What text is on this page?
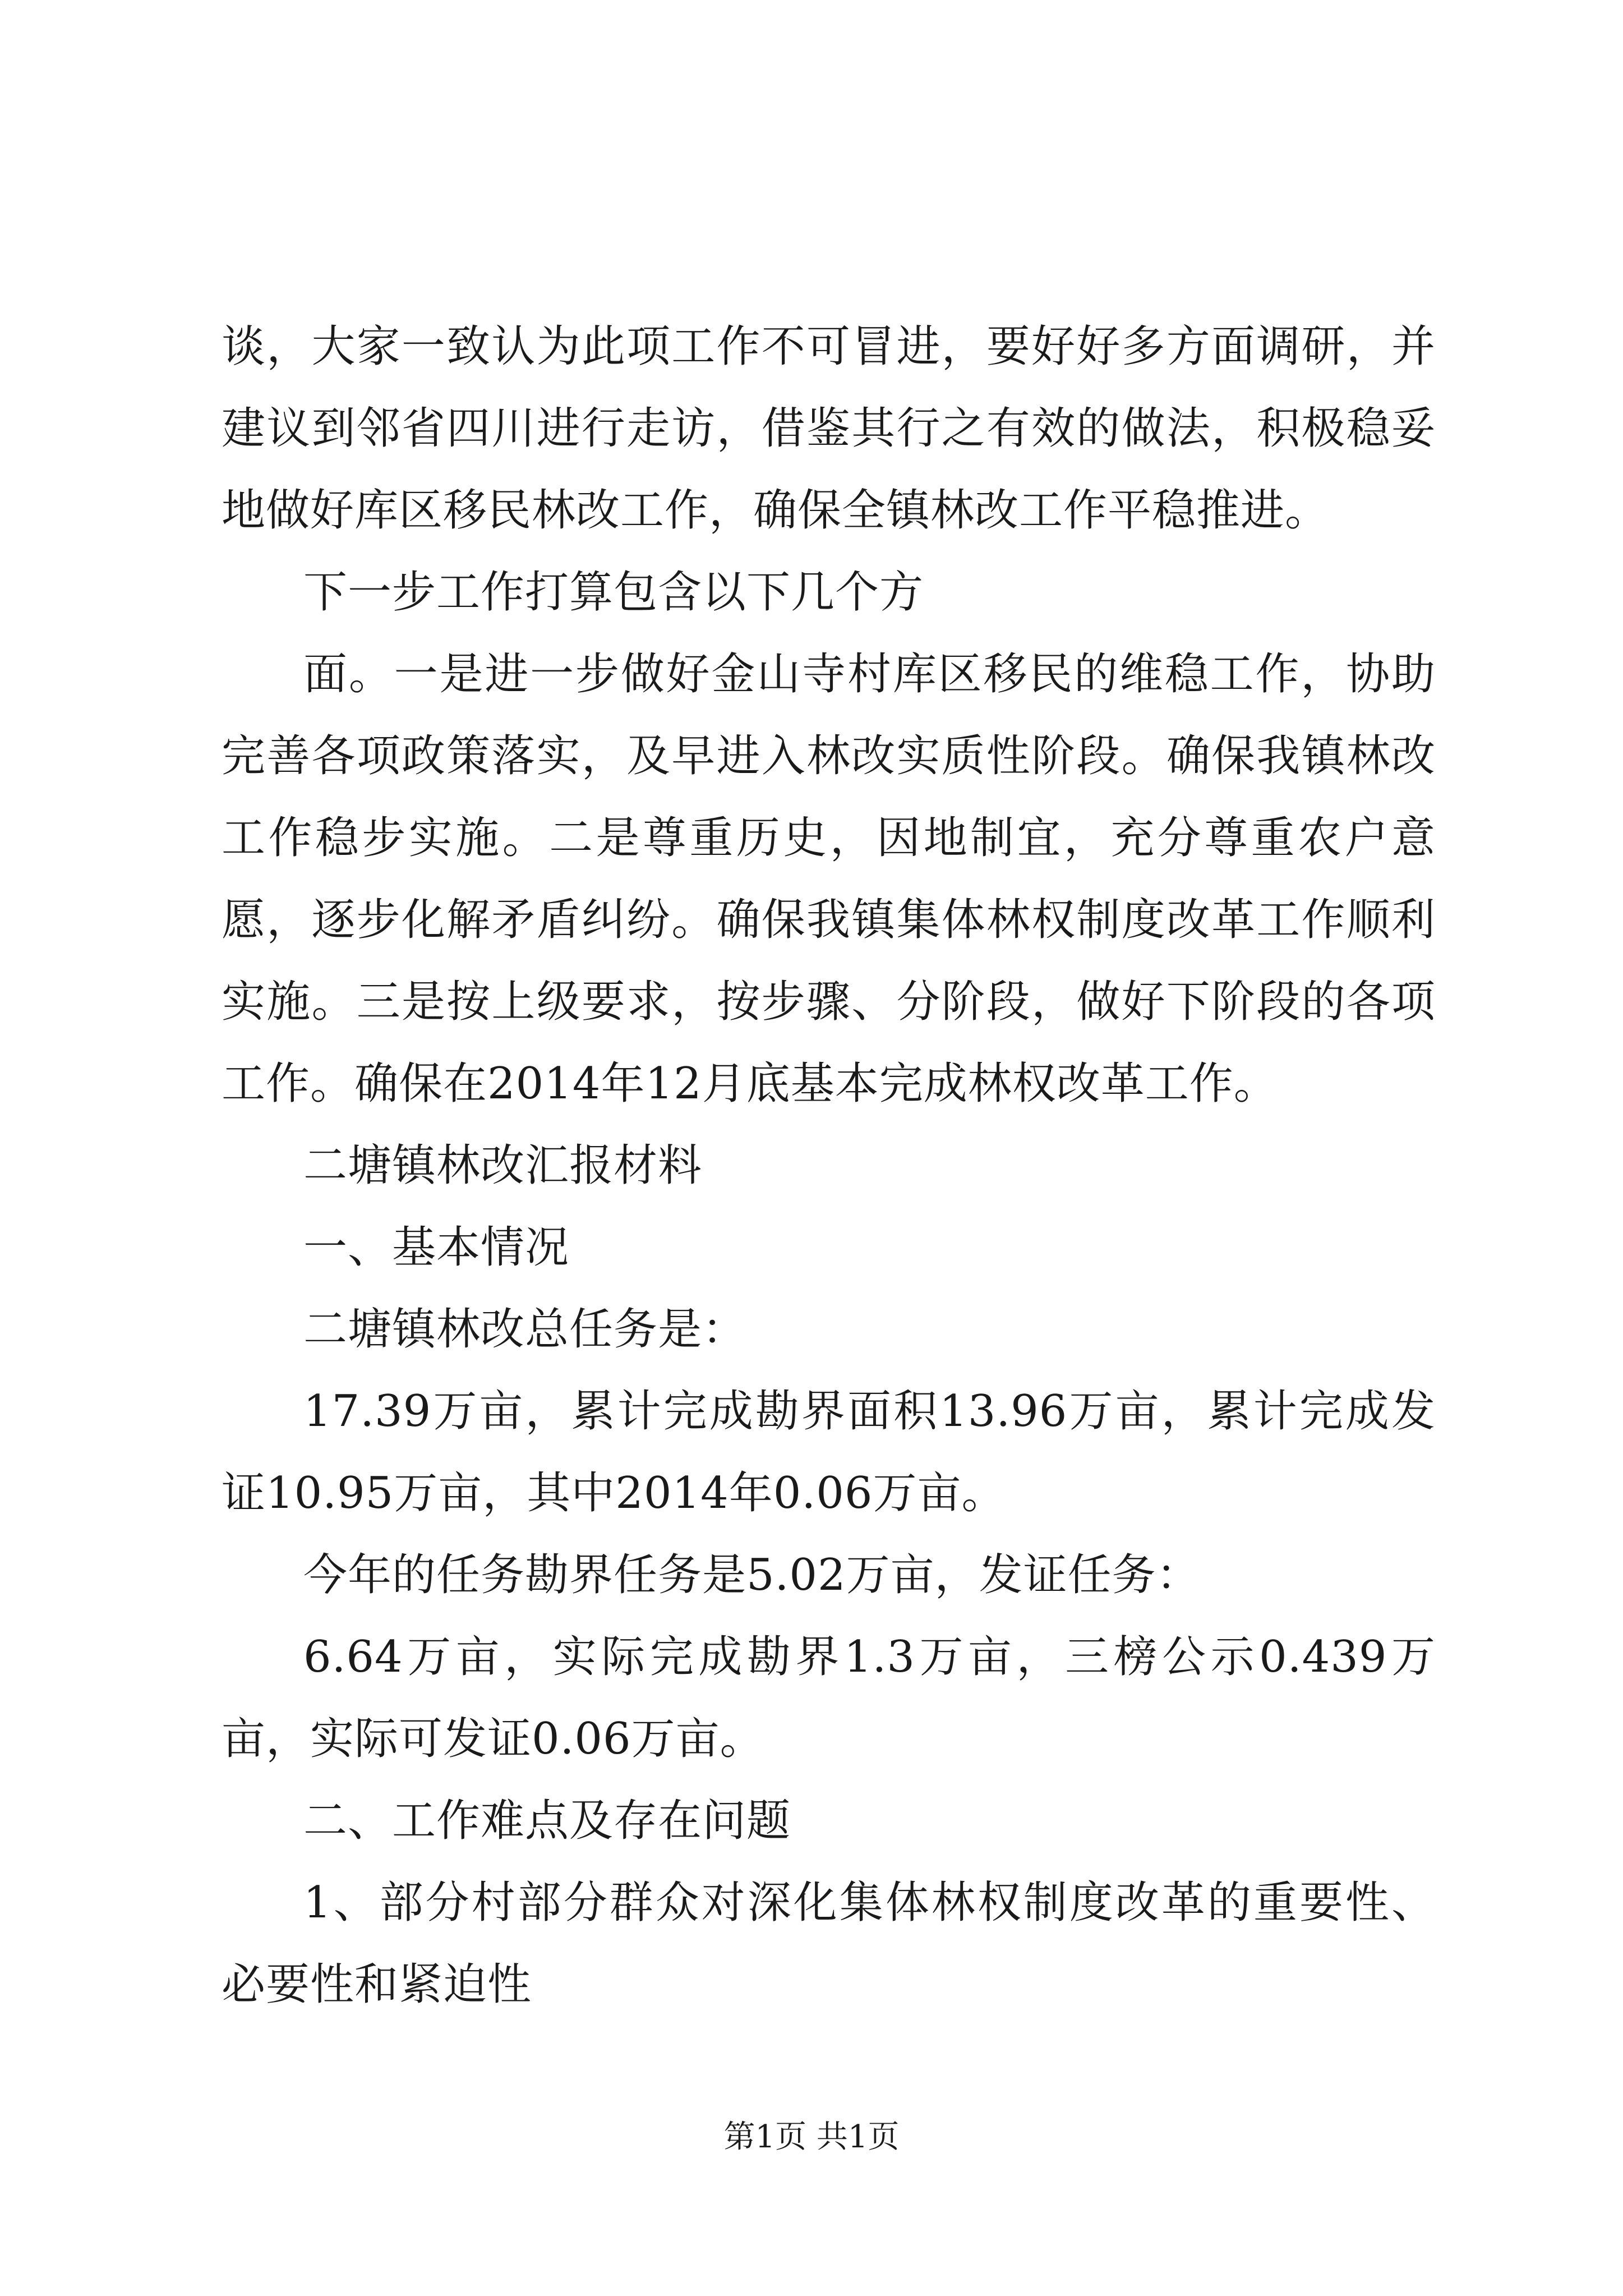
谈，大家一致认为此项工作不可冒进，要好好多方面调研，并建议到邻省四川进行走访，借鉴其行之有效的做法，积极稳妥地做好库区移民林改工作，确保全镇林改工作平稳推进。

下一步工作打算包含以下几个方

面。一是进一步做好金山寺村库区移民的维稳工作，协助完善各项政策落实，及早进入林改实质性阶段。确保我镇林改工作稳步实施。二是尊重历史，因地制宜，充分尊重农户意愿，逐步化解矛盾纠纷。确保我镇集体林权制度改革工作顺利实施。三是按上级要求，按步骤、分阶段，做好下阶段的各项工作。确保在2014年12月底基本完成林权改革工作。

二塘镇林改汇报材料

一、基本情况

二塘镇林改总任务是：

17.39万亩，累计完成勘界面积13.96万亩，累计完成发证10.95万亩，其中2014年0.06万亩。

今年的任务勘界任务是5.02万亩，发证任务：

6.64万亩，实际完成勘界1.3万亩，三榜公示0.439万亩，实际可发证0.06万亩。

二、工作难点及存在问题

1、部分村部分群众对深化集体林权制度改革的重要性、必要性和紧迫性

第1页 共1页
